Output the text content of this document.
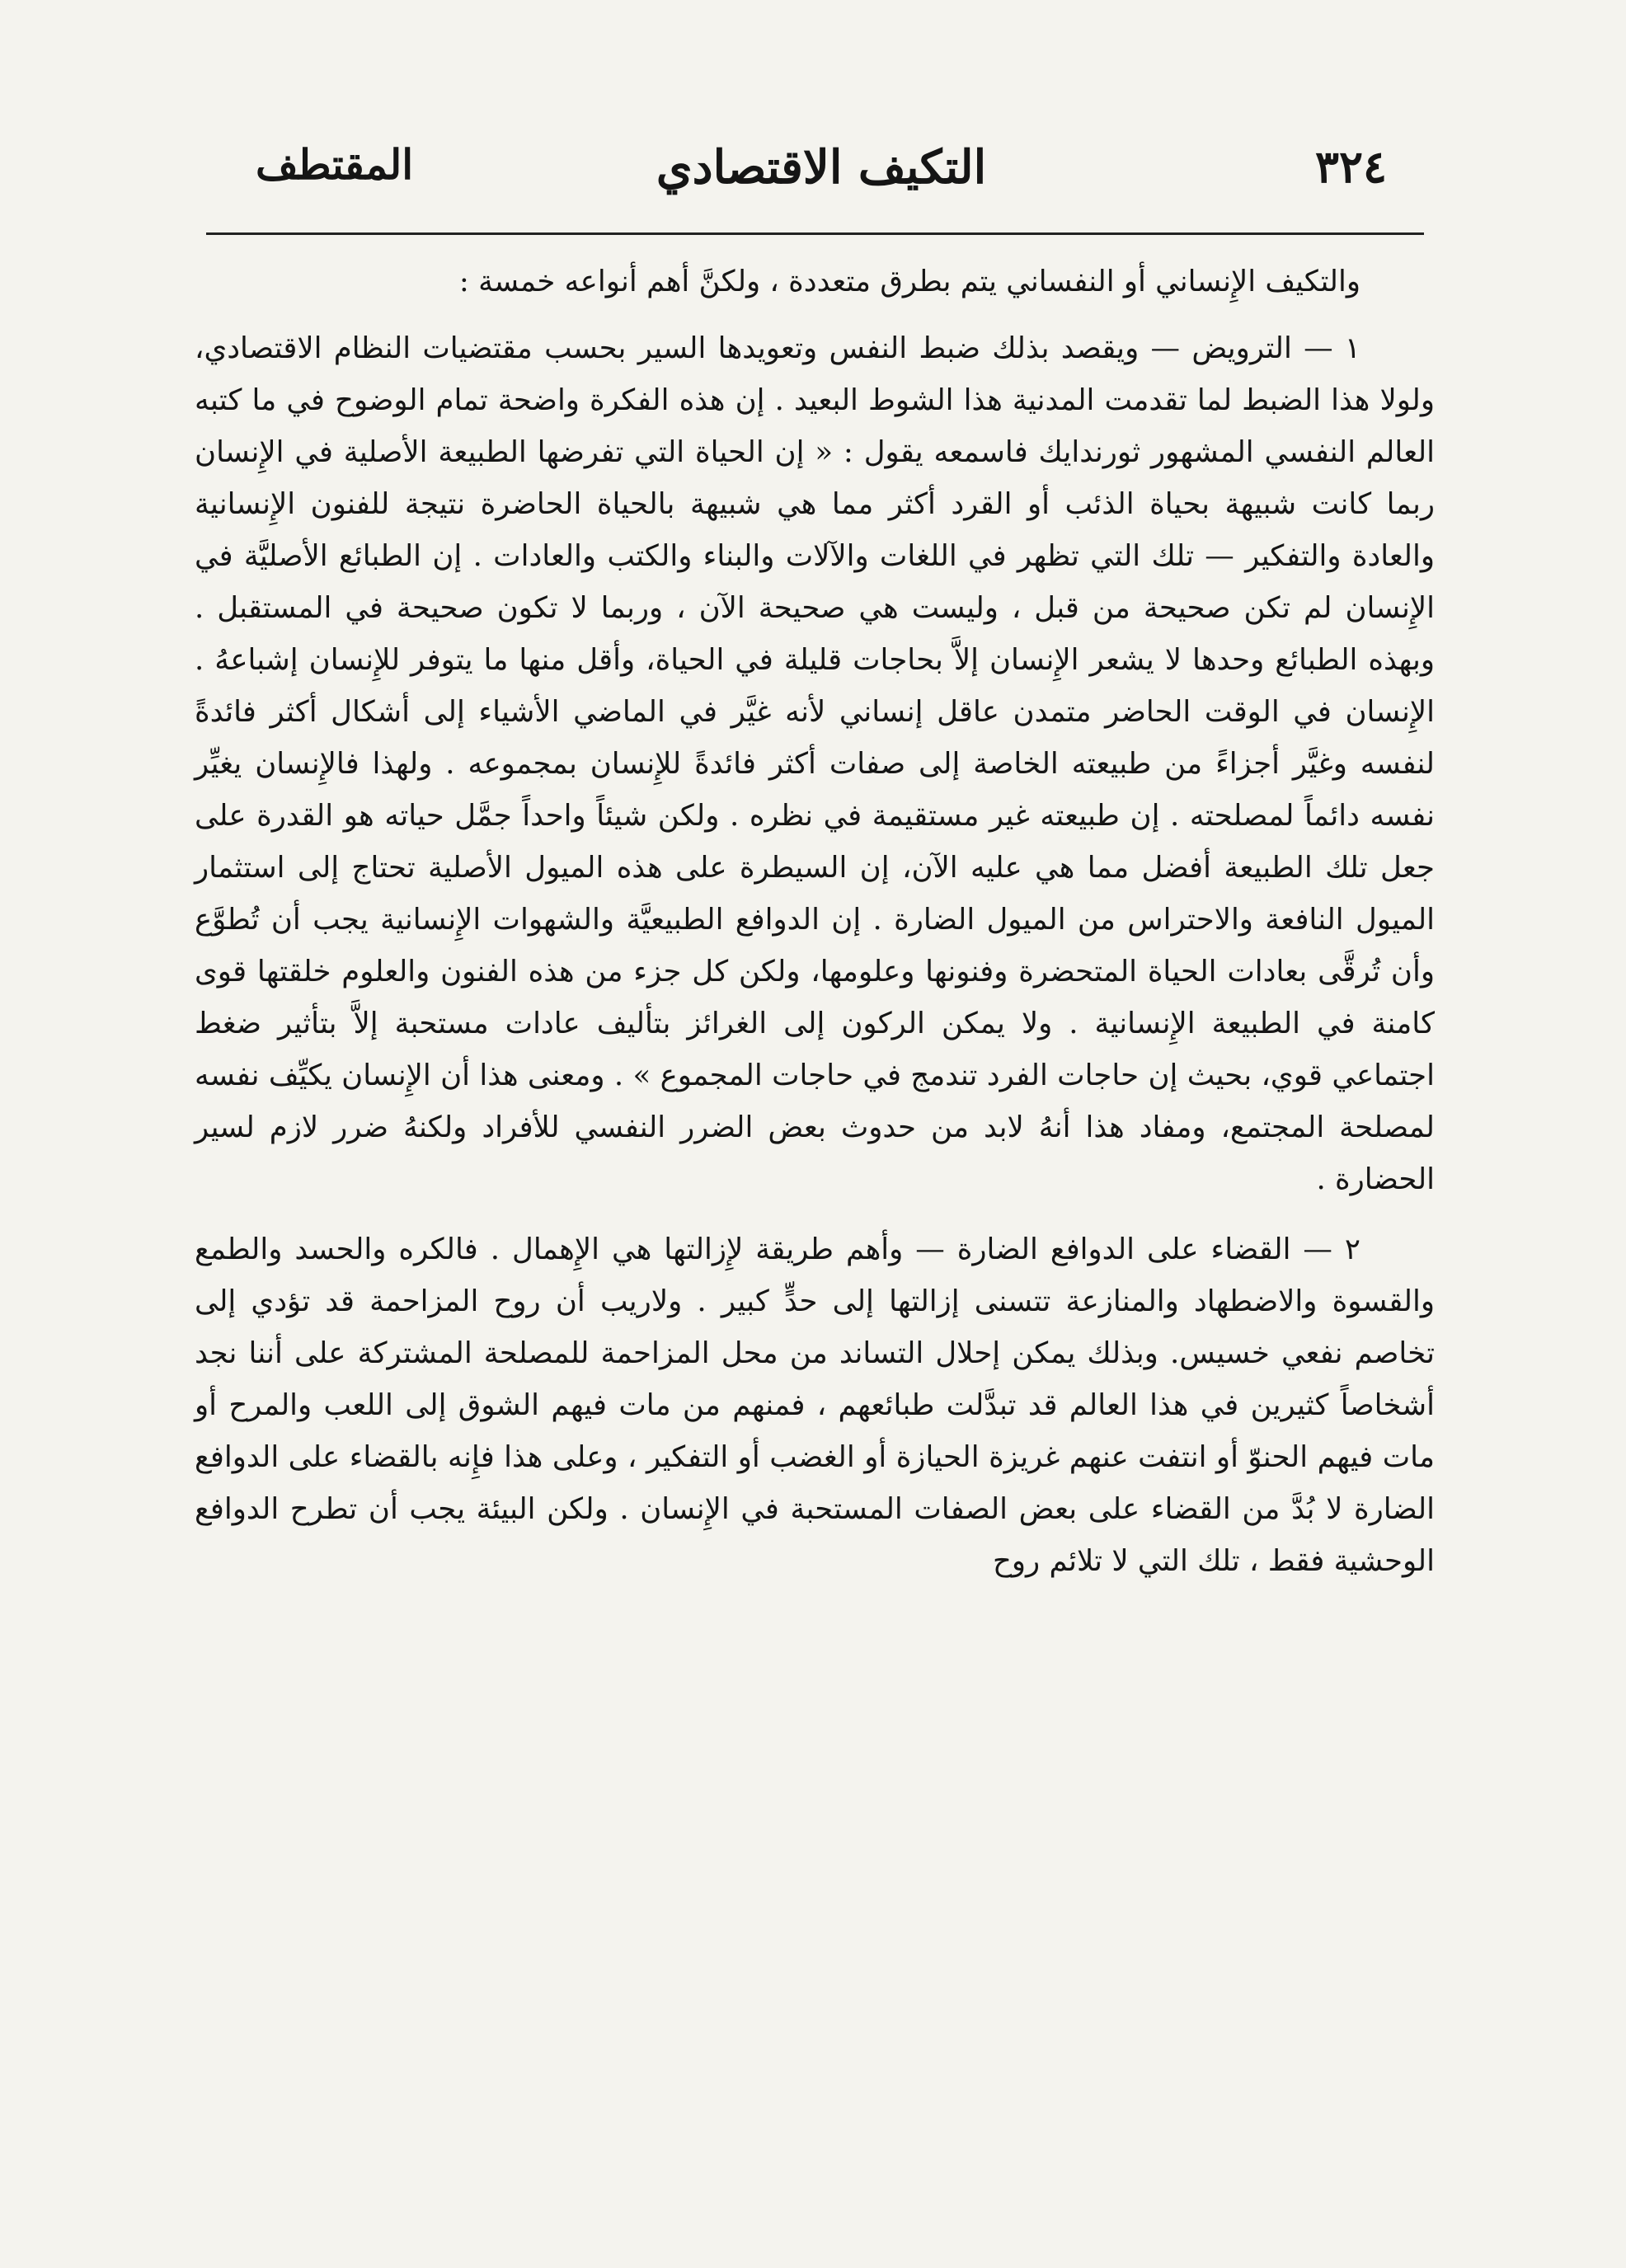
٣٢٤
التكيف الاقتصادي
المقتطف

والتكيف الإِنساني أو النفساني يتم بطرق متعددة ، ولكنَّ أهم أنواعه خمسة :

١ — الترويض — ويقصد بذلك ضبط النفس وتعويدها السير بحسب مقتضيات النظام الاقتصادي، ولولا هذا الضبط لما تقدمت المدنية هذا الشوط البعيد . إن هذه الفكرة واضحة تمام الوضوح في ما كتبه العالم النفسي المشهور ثورندايك فاسمعه يقول : « إن الحياة التي تفرضها الطبيعة الأصلية في الإِنسان ربما كانت شبيهة بحياة الذئب أو القرد أكثر مما هي شبيهة بالحياة الحاضرة نتيجة للفنون الإِنسانية والعادة والتفكير — تلك التي تظهر في اللغات والآلات والبناء والكتب والعادات . إن الطبائع الأصليَّة في الإِنسان لم تكن صحيحة من قبل ، وليست هي صحيحة الآن ، وربما لا تكون صحيحة في المستقبل . وبهذه الطبائع وحدها لا يشعر الإِنسان إلاَّ بحاجات قليلة في الحياة، وأقل منها ما يتوفر للإِنسان إشباعهُ . الإِنسان في الوقت الحاضر متمدن عاقل إنساني لأنه غيَّر في الماضي الأشياء إلى أشكال أكثر فائدةً لنفسه وغيَّر أجزاءً من طبيعته الخاصة إلى صفات أكثر فائدةً للإِنسان بمجموعه . ولهذا فالإِنسان يغيِّر نفسه دائماً لمصلحته . إن طبيعته غير مستقيمة في نظره . ولكن شيئاً واحداً جمَّل حياته هو القدرة على جعل تلك الطبيعة أفضل مما هي عليه الآن، إن السيطرة على هذه الميول الأصلية تحتاج إلى استثمار الميول النافعة والاحتراس من الميول الضارة . إن الدوافع الطبيعيَّة والشهوات الإِنسانية يجب أن تُطوَّع وأن تُرقَّى بعادات الحياة المتحضرة وفنونها وعلومها، ولكن كل جزء من هذه الفنون والعلوم خلقتها قوى كامنة في الطبيعة الإِنسانية . ولا يمكن الركون إلى الغرائز بتأليف عادات مستحبة إلاَّ بتأثير ضغط اجتماعي قوي، بحيث إن حاجات الفرد تندمج في حاجات المجموع » . ومعنى هذا أن الإِنسان يكيِّف نفسه لمصلحة المجتمع، ومفاد هذا أنهُ لابد من حدوث بعض الضرر النفسي للأفراد ولكنهُ ضرر لازم لسير الحضارة .

٢ — القضاء على الدوافع الضارة — وأهم طريقة لإِزالتها هي الإِهمال . فالكره والحسد والطمع والقسوة والاضطهاد والمنازعة تتسنى إزالتها إلى حدٍّ كبير . ولاريب أن روح المزاحمة قد تؤدي إلى تخاصم نفعي خسيس. وبذلك يمكن إحلال التساند من محل المزاحمة للمصلحة المشتركة على أننا نجد أشخاصاً كثيرين في هذا العالم قد تبدَّلت طبائعهم ، فمنهم من مات فيهم الشوق إلى اللعب والمرح أو مات فيهم الحنوّ أو انتفت عنهم غريزة الحيازة أو الغضب أو التفكير ، وعلى هذا فإِنه بالقضاء على الدوافع الضارة لا بُدَّ من القضاء على بعض الصفات المستحبة في الإِنسان . ولكن البيئة يجب أن تطرح الدوافع الوحشية فقط ، تلك التي لا تلائم روح
